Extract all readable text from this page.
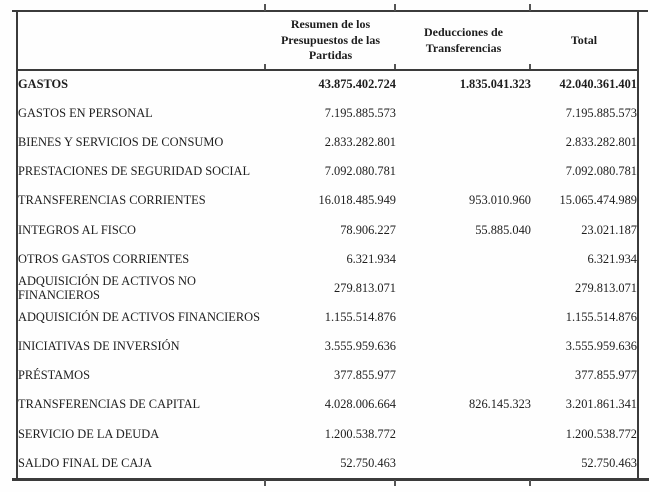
	Resumen de los Presupuestos de las Partidas	Deducciones de Transferencias	Total
GASTOS	43.875.402.724	1.835.041.323	42.040.361.401
GASTOS EN PERSONAL	7.195.885.573		7.195.885.573
BIENES Y SERVICIOS DE CONSUMO	2.833.282.801		2.833.282.801
PRESTACIONES DE SEGURIDAD SOCIAL	7.092.080.781		7.092.080.781
TRANSFERENCIAS CORRIENTES	16.018.485.949	953.010.960	15.065.474.989
INTEGROS AL FISCO	78.906.227	55.885.040	23.021.187
OTROS GASTOS CORRIENTES	6.321.934		6.321.934
ADQUISICIÓN DE ACTIVOS NO FINANCIEROS	279.813.071		279.813.071
ADQUISICIÓN DE ACTIVOS FINANCIEROS	1.155.514.876		1.155.514.876
INICIATIVAS DE INVERSIÓN	3.555.959.636		3.555.959.636
PRÉSTAMOS	377.855.977		377.855.977
TRANSFERENCIAS DE CAPITAL	4.028.006.664	826.145.323	3.201.861.341
SERVICIO DE LA DEUDA	1.200.538.772		1.200.538.772
SALDO FINAL DE CAJA	52.750.463		52.750.463
